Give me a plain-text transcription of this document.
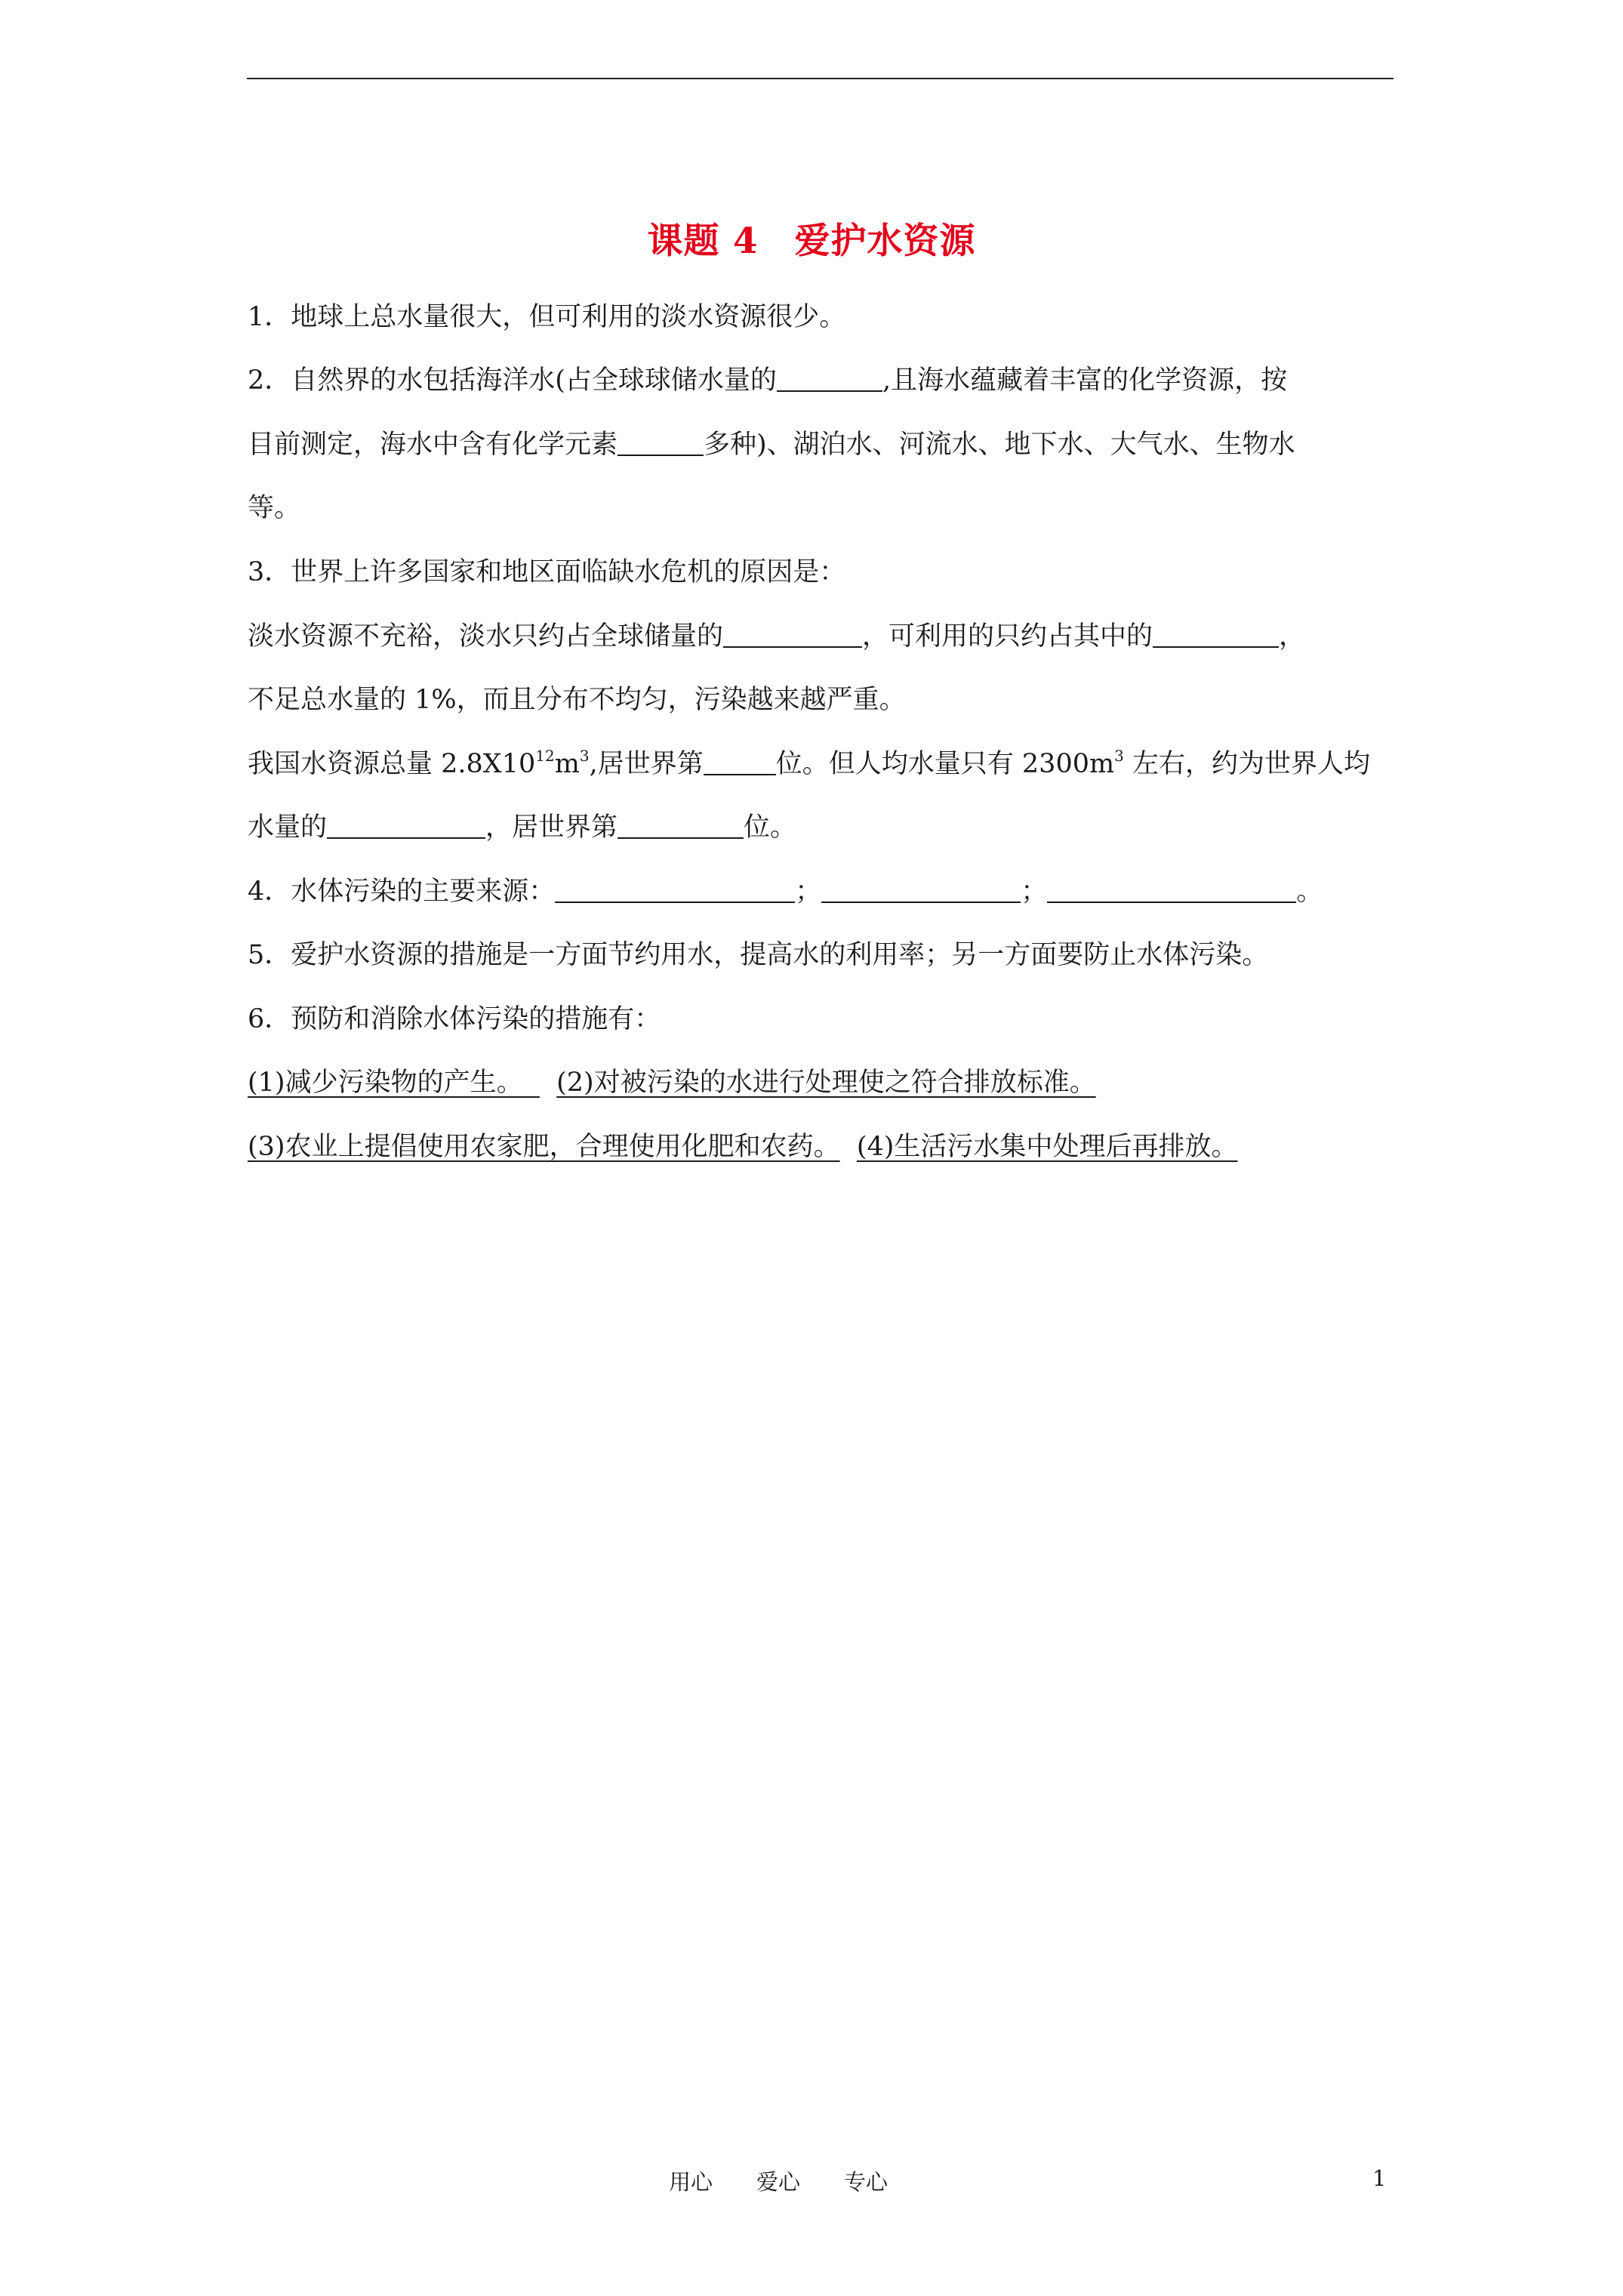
课题 4　爱护水资源
1．地球上总水量很大，但可利用的淡水资源很少。
2．自然界的水包括海洋水(占全球球储水量的	,且海水蕴藏着丰富的化学资源，按
目前测定，海水中含有化学元素	多种)、湖泊水、河流水、地下水、大气水、生物水
等。
3．世界上许多国家和地区面临缺水危机的原因是：
淡水资源不充裕，淡水只约占全球储量的	，可利用的只约占其中的	，
不足总水量的 1%，而且分布不均匀，污染越来越严重。
我国水资源总量 $2.8X10^{12}m^3$,居世界第	位。但人均水量只有 $2300m^3$ 左右，约为世界人均
水量的	，居世界第	位。
4．水体污染的主要来源：	；	；	。
5．爱护水资源的措施是一方面节约用水，提高水的利用率；另一方面要防止水体污染。
6．预防和消除水体污染的措施有：
(1)减少污染物的产生。 (2)对被污染的水进行处理使之符合排放标准。
(3)农业上提倡使用农家肥，合理使用化肥和农药。 (4)生活污水集中处理后再排放。
用心　　爱心　　专心	1
